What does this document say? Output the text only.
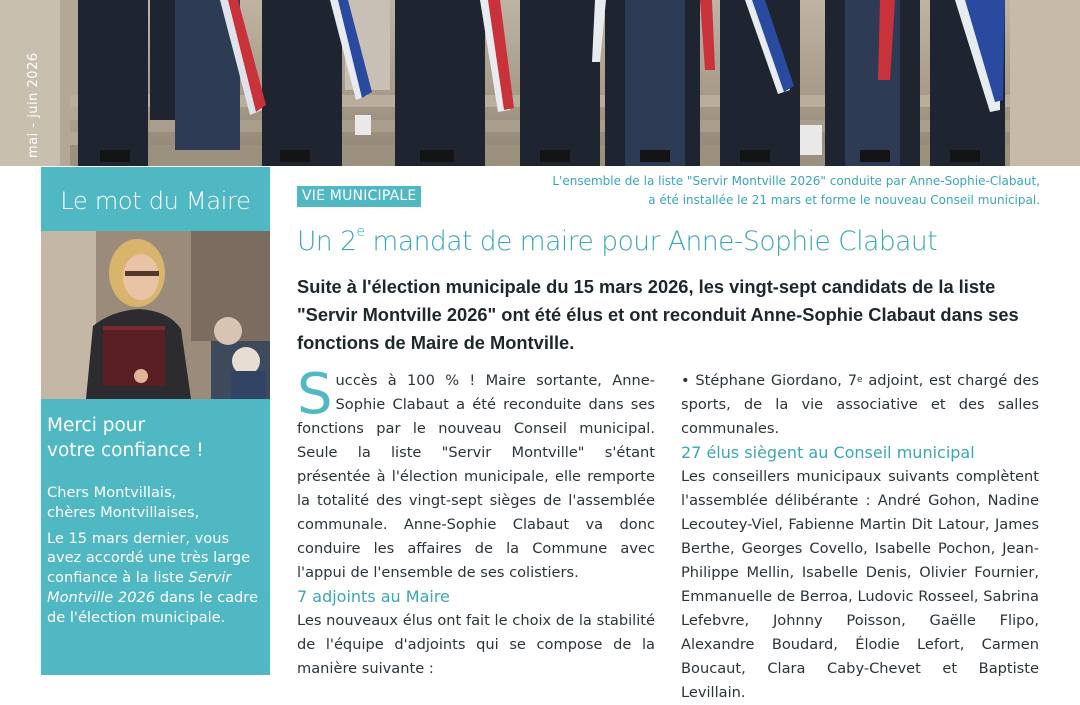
mai - juin 2026
Le mot du Maire
Merci pour
votre confiance !

Chers Montvillais,
chères Montvillaises,

Le 15 mars dernier, vous avez accordé une très large confiance à la liste Servir Montville 2026 dans le cadre de l'élection municipale.

L'ensemble de la liste "Servir Montville 2026" conduite par Anne-Sophie-Clabaut,
a été installée le 21 mars et forme le nouveau Conseil municipal.
VIE MUNICIPALE
Un 2e mandat de maire pour Anne-Sophie Clabaut
Suite à l'élection municipale du 15 mars 2026, les vingt-sept candidats de la liste "Servir Montville 2026" ont été élus et ont reconduit Anne-Sophie Clabaut dans ses fonctions de Maire de Montville.

Succès à 100 % ! Maire sortante, Anne-Sophie Clabaut a été reconduite dans ses fonctions par le nouveau Conseil municipal. Seule la liste "Servir Montville" s'étant présentée à l'élection municipale, elle remporte la totalité des vingt-sept sièges de l'assemblée communale. Anne-Sophie Clabaut va donc conduire les affaires de la Commune avec l'appui de l'ensemble de ses colistiers.

7 adjoints au Maire

Les nouveaux élus ont fait le choix de la stabilité de l'équipe d'adjoints qui se compose de la manière suivante :

• Stéphane Giordano, 7e adjoint, est chargé des sports, de la vie associative et des salles communales.

27 élus siègent au Conseil municipal

Les conseillers municipaux suivants complètent l'assemblée délibérante : André Gohon, Nadine Lecoutey-Viel, Fabienne Martin Dit Latour, James Berthe, Georges Covello, Isabelle Pochon, Jean-Philippe Mellin, Isabelle Denis, Olivier Fournier, Emmanuelle de Berroa, Ludovic Rosseel, Sabrina Lefebvre, Johnny Poisson, Gaëlle Flipo, Alexandre Boudard, Élodie Lefort, Carmen Boucaut, Clara Caby-Chevet et Baptiste Levillain.
